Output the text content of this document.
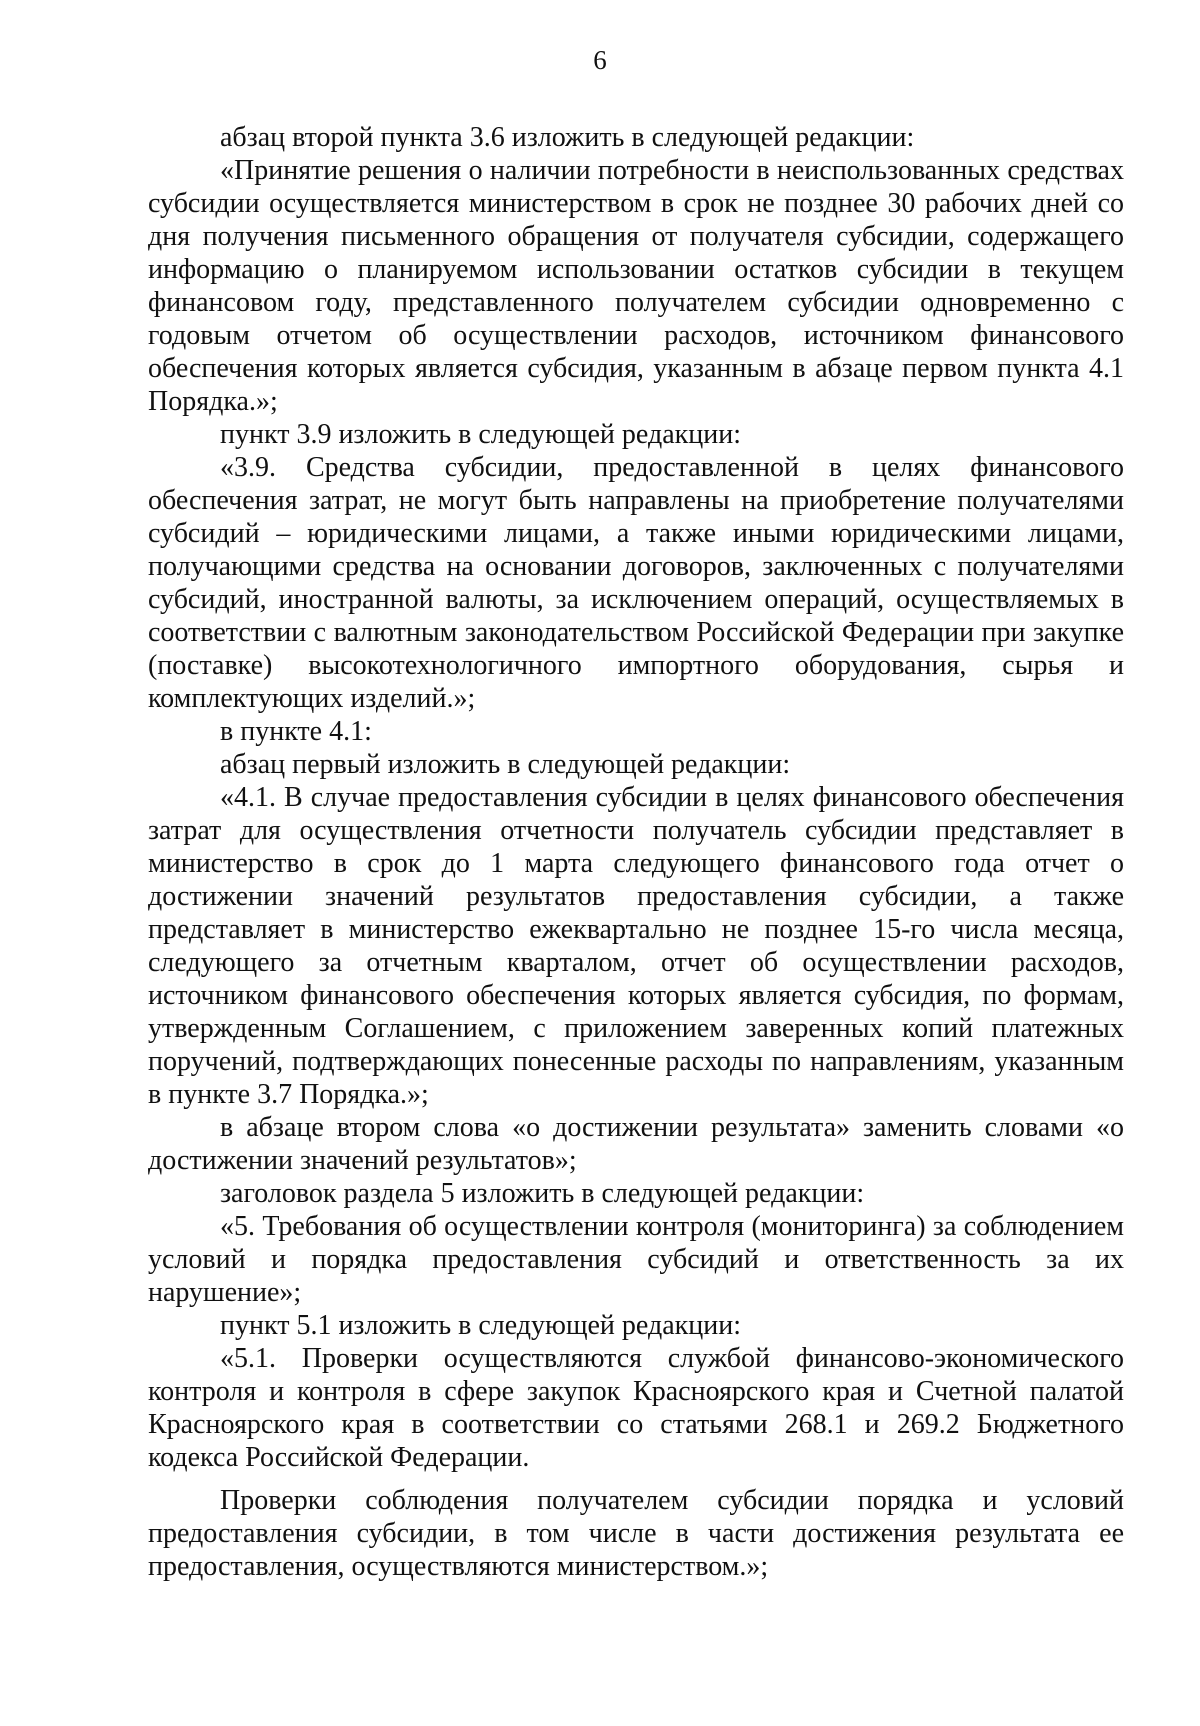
6

абзац второй пункта 3.6 изложить в следующей редакции:

«Принятие решения о наличии потребности в неиспользованных средствах субсидии осуществляется министерством в срок не позднее 30 рабочих дней со дня получения письменного обращения от получателя субсидии, содержащего информацию о планируемом использовании остатков субсидии в текущем финансовом году, представленного получателем субсидии одновременно с годовым отчетом об осуществлении расходов, источником финансового обеспечения которых является субсидия, указанным в абзаце первом пункта 4.1 Порядка.»;

пункт 3.9 изложить в следующей редакции:

«3.9. Средства субсидии, предоставленной в целях финансового обеспечения затрат, не могут быть направлены на приобретение получателями субсидий – юридическими лицами, а также иными юридическими лицами, получающими средства на основании договоров, заключенных с получателями субсидий, иностранной валюты, за исключением операций, осуществляемых в соответствии с валютным законодательством Российской Федерации при закупке (поставке) высокотехнологичного импортного оборудования, сырья и комплектующих изделий.»;

в пункте 4.1:

абзац первый изложить в следующей редакции:

«4.1. В случае предоставления субсидии в целях финансового обеспечения затрат для осуществления отчетности получатель субсидии представляет в министерство в срок до 1 марта следующего финансового года отчет о достижении значений результатов предоставления субсидии, а также представляет в министерство ежеквартально не позднее 15-го числа месяца, следующего за отчетным кварталом, отчет об осуществлении расходов, источником финансового обеспечения которых является субсидия, по формам, утвержденным Соглашением, с приложением заверенных копий платежных поручений, подтверждающих понесенные расходы по направлениям, указанным в пункте 3.7 Порядка.»;

в абзаце втором слова «о достижении результата» заменить словами «о достижении значений результатов»;

заголовок раздела 5 изложить в следующей редакции:

«5. Требования об осуществлении контроля (мониторинга) за соблюдением условий и порядка предоставления субсидий и ответственность за их нарушение»;

пункт 5.1 изложить в следующей редакции:

«5.1. Проверки осуществляются службой финансово-экономического контроля и контроля в сфере закупок Красноярского края и Счетной палатой Красноярского края в соответствии со статьями 268.1 и 269.2 Бюджетного кодекса Российской Федерации.

Проверки соблюдения получателем субсидии порядка и условий предоставления субсидии, в том числе в части достижения результата ее предоставления, осуществляются министерством.»;
